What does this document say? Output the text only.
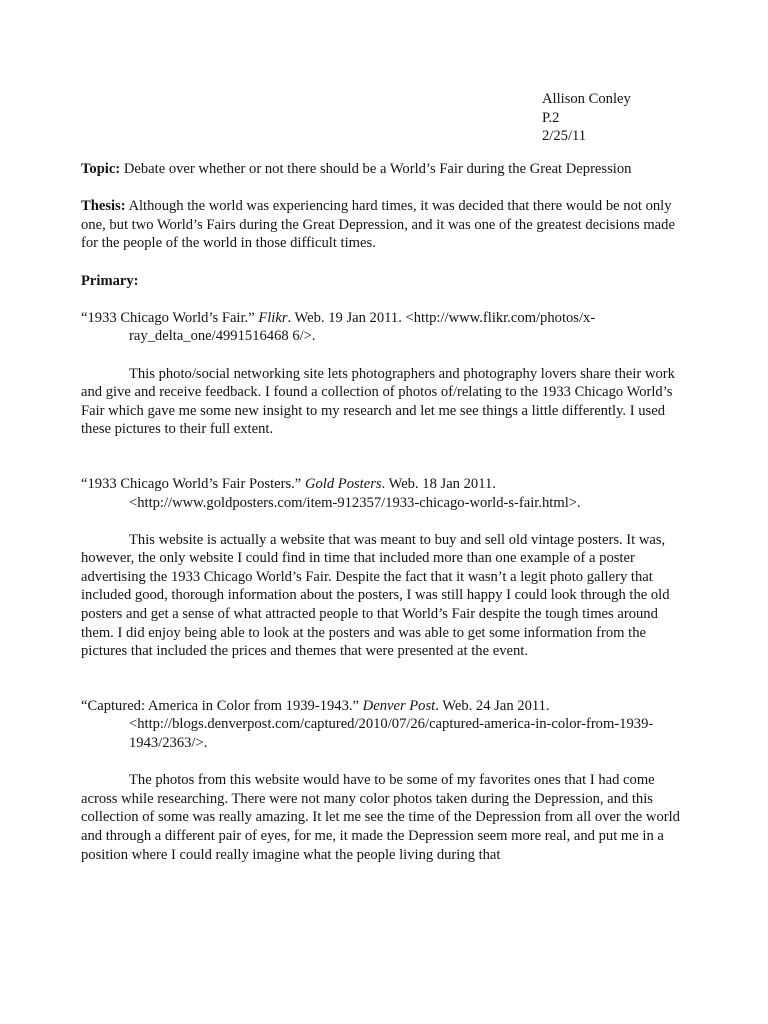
Allison Conley
P.2
2/25/11

Topic: Debate over whether or not there should be a World’s Fair during the Great Depression

Thesis: Although the world was experiencing hard times, it was decided that there would be not only one, but two World’s Fairs during the Great Depression, and it was one of the greatest decisions made for the people of the world in those difficult times.

Primary:

“1933 Chicago World’s Fair.” Flikr. Web. 19 Jan 2011. <http://www.flikr.com/photos/x-
ray_delta_one/4991516468 6/>.

This photo/social networking site lets photographers and photography lovers share their work and give and receive feedback. I found a collection of photos of/relating to the 1933 Chicago World’s Fair which gave me some new insight to my research and let me see things a little differently. I used these pictures to their full extent.

“1933 Chicago World’s Fair Posters.” Gold Posters. Web. 18 Jan 2011.
<http://www.goldposters.com/item-912357/1933-chicago-world-s-fair.html>.

This website is actually a website that was meant to buy and sell old vintage posters. It was, however, the only website I could find in time that included more than one example of a poster advertising the 1933 Chicago World’s Fair. Despite the fact that it wasn’t a legit photo gallery that included good, thorough information about the posters, I was still happy I could look through the old posters and get a sense of what attracted people to that World’s Fair despite the tough times around them. I did enjoy being able to look at the posters and was able to get some information from the pictures that included the prices and themes that were presented at the event.

“Captured: America in Color from 1939-1943.” Denver Post. Web. 24 Jan 2011.
<http://blogs.denverpost.com/captured/2010/07/26/captured-america-in-color-from-1939-1943/2363/>.

The photos from this website would have to be some of my favorites ones that I had come across while researching. There were not many color photos taken during the Depression, and this collection of some was really amazing. It let me see the time of the Depression from all over the world and through a different pair of eyes, for me, it made the Depression seem more real, and put me in a position where I could really imagine what the people living during that
